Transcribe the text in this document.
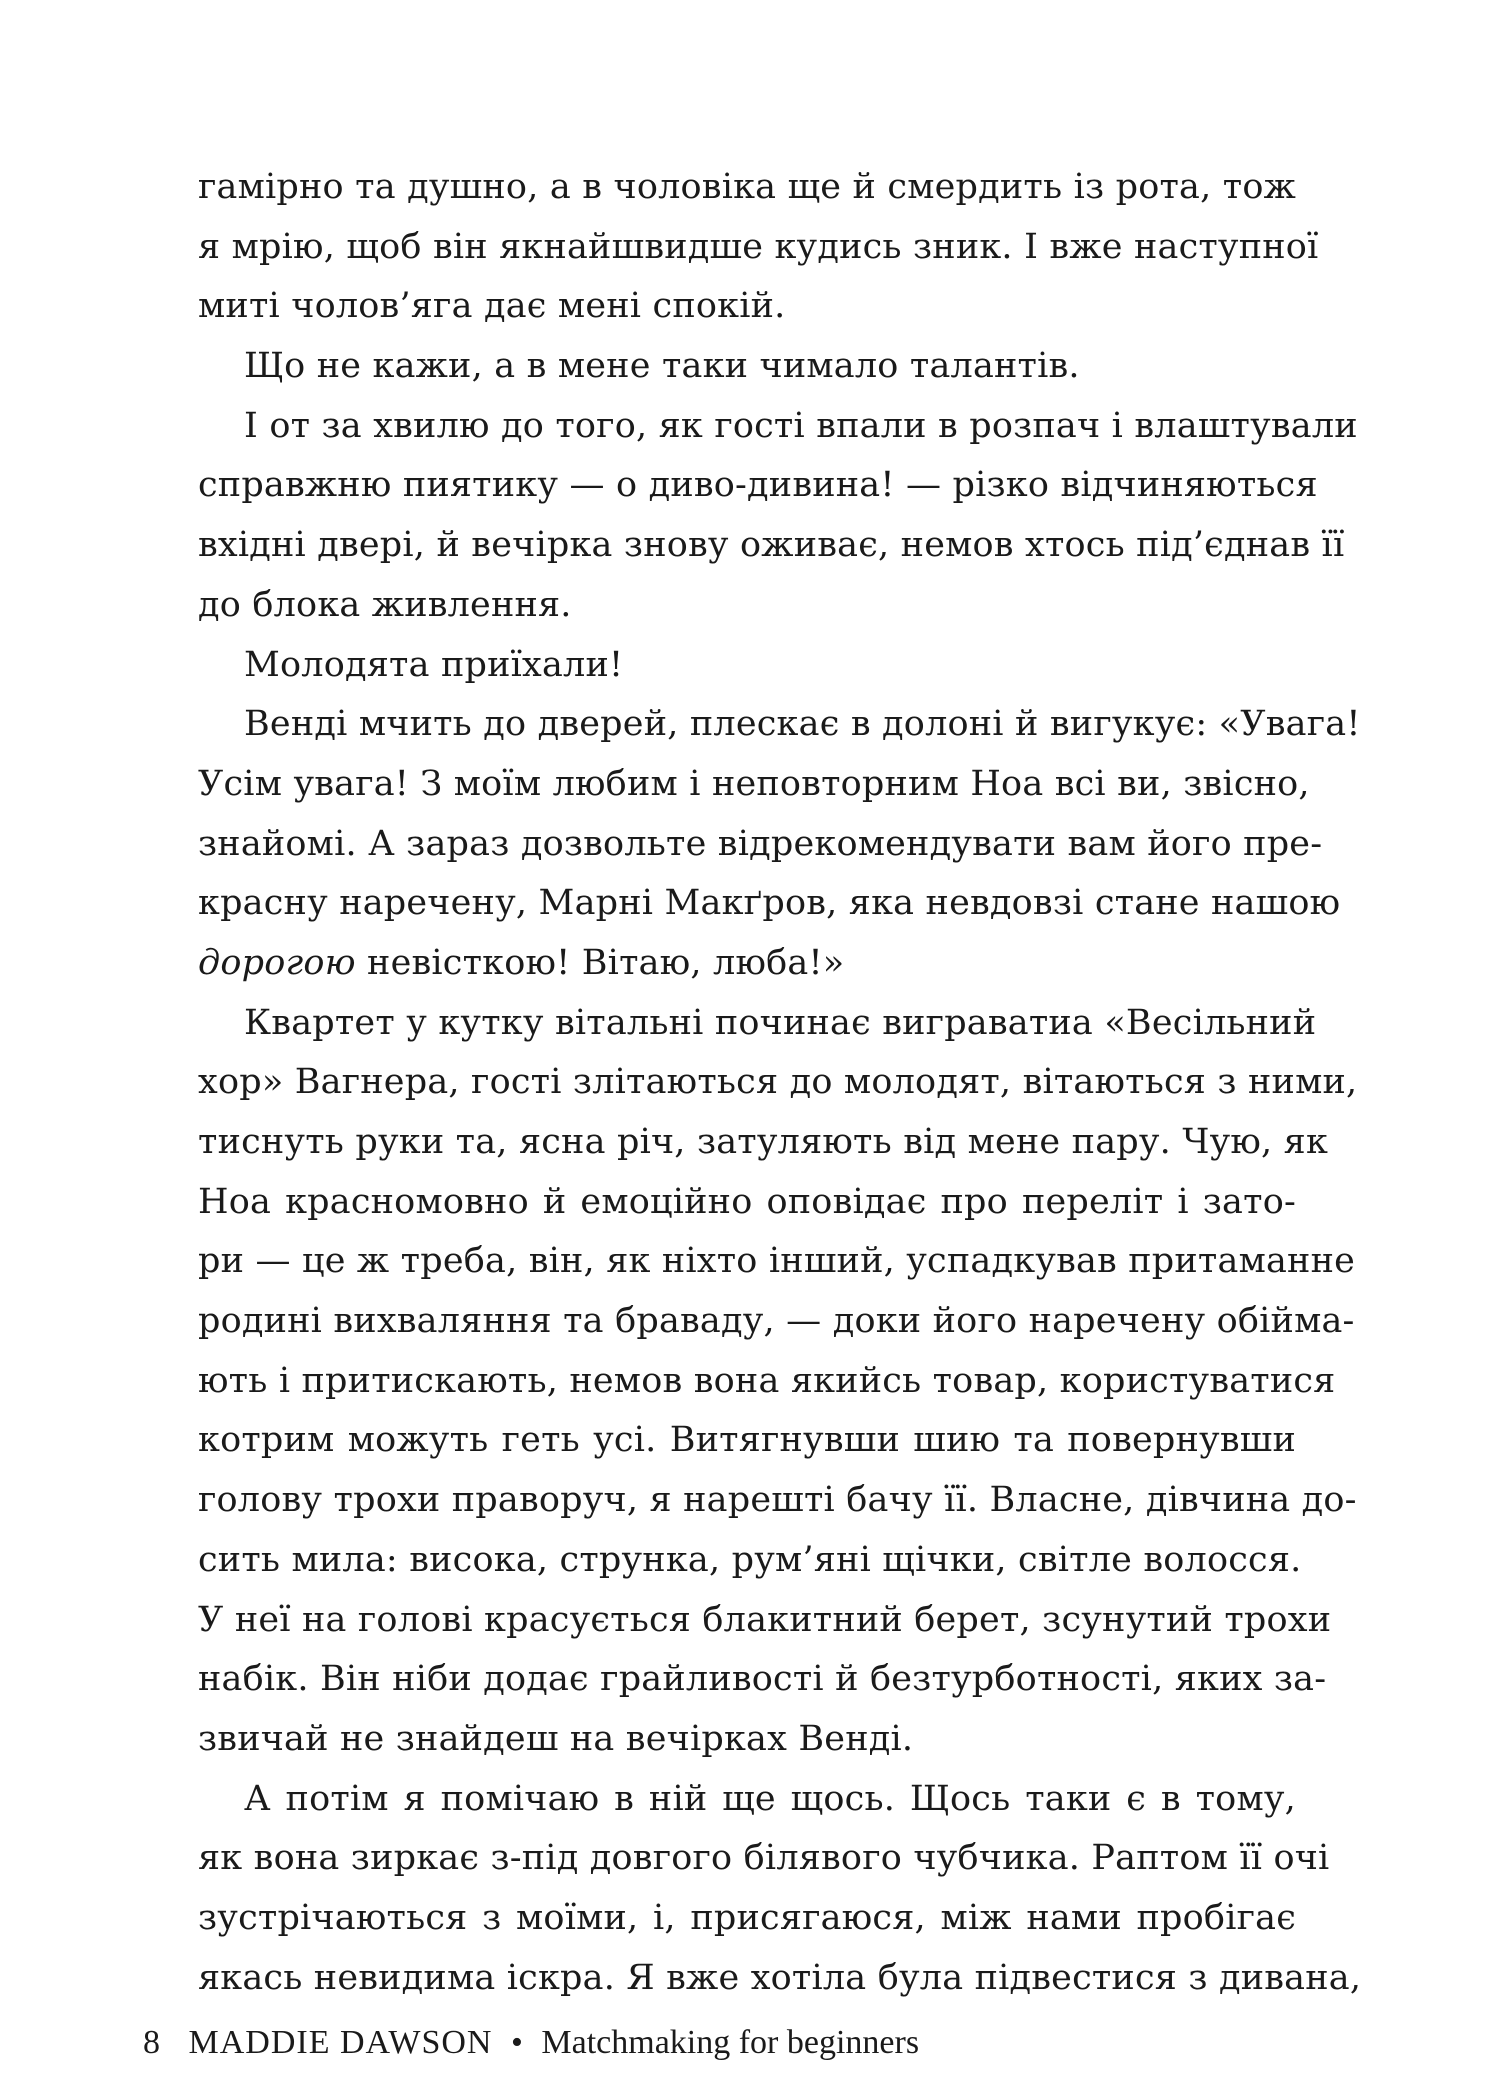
гамірно та душно, а в чоловіка ще й смердить із рота, тож
я мрію, щоб він якнайшвидше кудись зник. І вже наступної
миті чолов’яга дає мені спокій.
Що не кажи, а в мене таки чимало талантів.
І от за хвилю до того, як гості впали в розпач і влаштували
справжню пиятику — о диво-дивина! — різко відчиняються
вхідні двері, й вечірка знову оживає, немов хтось під’єднав її
до блока живлення.
Молодята приїхали!
Венді мчить до дверей, плескає в долоні й вигукує: «Увага!
Усім увага! З моїм любим і неповторним Ноа всі ви, звісно,
знайомі. А зараз дозвольте відрекомендувати вам його пре-
красну наречену, Марні Макґров, яка невдовзі стане нашою
дорогою невісткою! Вітаю, люба!»
Квартет у кутку вітальні починає виграватиа «Весільний
хор» Вагнера, гості злітаються до молодят, вітаються з ними,
тиснуть руки та, ясна річ, затуляють від мене пару. Чую, як
Ноа красномовно й емоційно оповідає про переліт і зато-
ри — це ж треба, він, як ніхто інший, успадкував притаманне
родині вихваляння та браваду, — доки його наречену обійма-
ють і притискають, немов вона якийсь товар, користуватися
котрим можуть геть усі. Витягнувши шию та повернувши
голову трохи праворуч, я нарешті бачу її. Власне, дівчина до-
сить мила: висока, струнка, рум’яні щічки, світле волосся.
У неї на голові красується блакитний берет, зсунутий трохи
набік. Він ніби додає грайливості й безтурботності, яких за-
звичай не знайдеш на вечірках Венді.
А потім я помічаю в ній ще щось. Щось таки є в тому,
як вона зиркає з-під довгого білявого чубчика. Раптом її очі
зустрічаються з моїми, і, присягаюся, між нами пробігає
якась невидима іскра. Я вже хотіла була підвестися з дивана,
8 MADDIE DAWSON • Matchmaking for beginners
